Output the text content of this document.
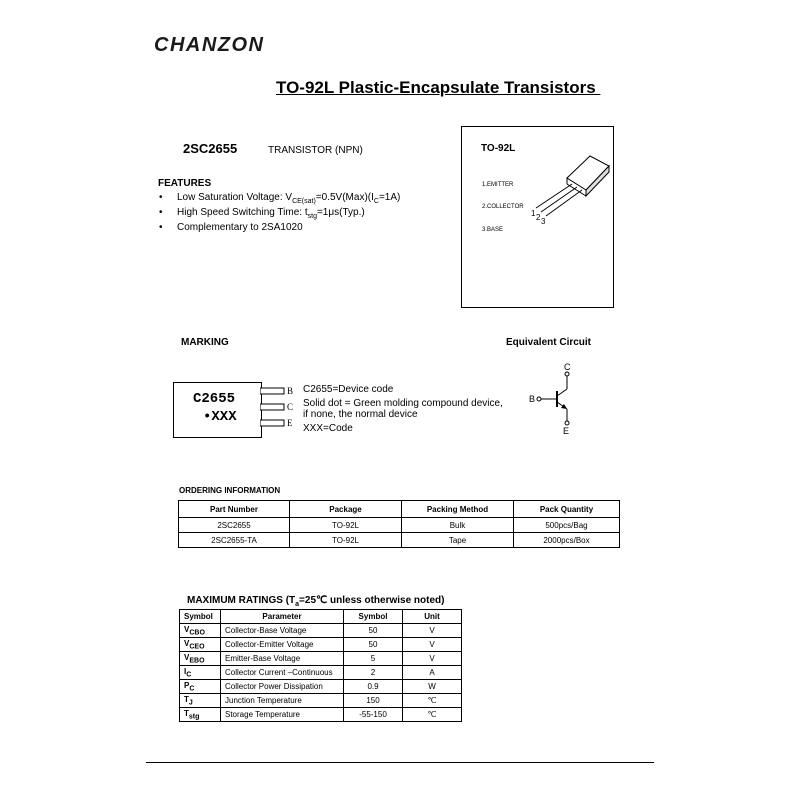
CHANZON
TO-92L Plastic-Encapsulate Transistors
2SC2655	TRANSISTOR (NPN)
FEATURES
• Low Saturation Voltage: $V_{CE(sat)}=0.5V(Max)(I_C=1A)$
• High Speed Switching Time: $t_{stg}=1\mu s(Typ.)$
• Complementary to 2SA1020
TO-92L
1.EMITTER
2.COLLECTOR
3.BASE
1 2 3
MARKING
C2655
•XXX
B
C
E
C2655=Device code
Solid dot = Green molding compound device,
if none, the normal device
XXX=Code
Equivalent Circuit
C
B
E
ORDERING INFORMATION
Part Number	Package	Packing Method	Pack Quantity
2SC2655	TO-92L	Bulk	500pcs/Bag
2SC2655-TA	TO-92L	Tape	2000pcs/Box
MAXIMUM RATINGS ($T_a=25℃$ unless otherwise noted)
Symbol	Parameter	Symbol	Unit
$V_{CBO}$	Collector-Base Voltage	50	V
$V_{CEO}$	Collector-Emitter Voltage	50	V
$V_{EBO}$	Emitter-Base Voltage	5	V
$I_C$	Collector Current –Continuous	2	A
$P_C$	Collector Power Dissipation	0.9	W
$T_J$	Junction Temperature	150	℃
$T_{stg}$	Storage Temperature	-55-150	℃
